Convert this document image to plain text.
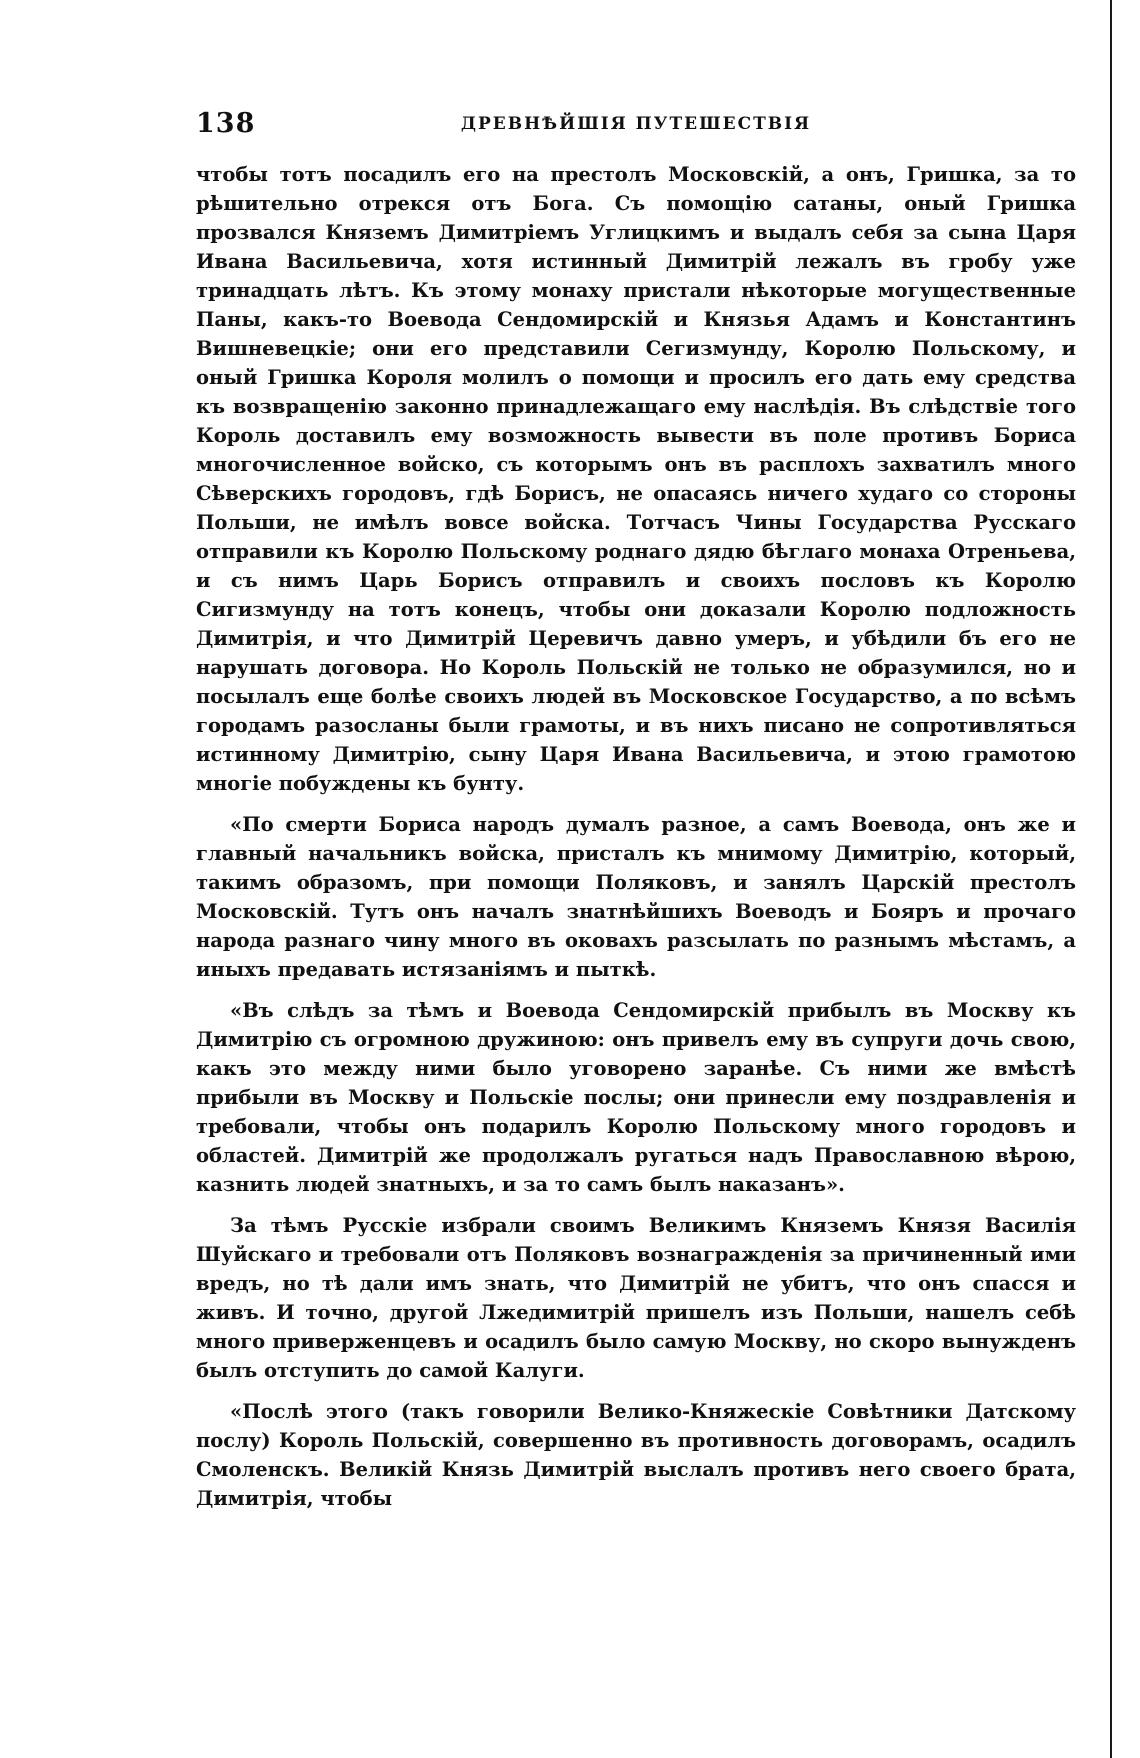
138	ДРЕВНѢЙШІЯ ПУТЕШЕСТВІЯ

чтобы тотъ посадилъ его на престолъ Московскій, а онъ, Гришка, за то рѣшительно отрекся отъ Бога. Съ помощію сатаны, оный Гришка прозвался Княземъ Димитріемъ Углицкимъ и выдалъ себя за сына Царя Ивана Васильевича, хотя истинный Димитрій лежалъ въ гробу уже тринадцать лѣтъ. Къ этому монаху пристали нѣкоторые могущественные Паны, какъ-то Воевода Сендомирскій и Князья Адамъ и Константинъ Вишневецкіе; они его представили Сегизмунду, Королю Польскому, и оный Гришка Короля молилъ о помощи и просилъ его дать ему средства къ возвращенію законно принадлежащаго ему наслѣдія. Въ слѣдствіе того Король доставилъ ему возможность вывести въ поле противъ Бориса многочисленное войско, съ которымъ онъ въ расплохъ захватилъ много Сѣверскихъ городовъ, гдѣ Борисъ, не опасаясь ничего худаго со стороны Польши, не имѣлъ вовсе войска. Тотчасъ Чины Государства Русскаго отправили къ Королю Польскому роднаго дядю бѣглаго монаха Отреньева, и съ нимъ Царь Борисъ отправилъ и своихъ пословъ къ Королю Сигизмунду на тотъ конецъ, чтобы они доказали Королю подложность Димитрія, и что Димитрій Церевичъ давно умеръ, и убѣдили бъ его не нарушать договора. Но Король Польскій не только не образумился, но и посылалъ еще болѣе своихъ людей въ Московское Государство, а по всѣмъ городамъ разосланы были грамоты, и въ нихъ писано не сопротивляться истинному Димитрію, сыну Царя Ивана Васильевича, и этою грамотою многіе побуждены къ бунту.

«По смерти Бориса народъ думалъ разное, а самъ Воевода, онъ же и главный начальникъ войска, присталъ къ мнимому Димитрію, который, такимъ образомъ, при помощи Поляковъ, и занялъ Царскій престолъ Московскій. Тутъ онъ началъ знатнѣйшихъ Воеводъ и Бояръ и прочаго народа разнаго чину много въ оковахъ разсылать по разнымъ мѣстамъ, а иныхъ предавать истязаніямъ и пыткѣ.

«Въ слѣдъ за тѣмъ и Воевода Сендомирскій прибылъ въ Москву къ Димитрію съ огромною дружиною: онъ привелъ ему въ супруги дочь свою, какъ это между ними было уговорено заранѣе. Съ ними же вмѣстѣ прибыли въ Москву и Польскіе послы; они принесли ему поздравленія и требовали, чтобы онъ подарилъ Королю Польскому много городовъ и областей. Димитрій же продолжалъ ругаться надъ Православною вѣрою, казнить людей знатныхъ, и за то самъ былъ наказанъ».

За тѣмъ Русскіе избрали своимъ Великимъ Княземъ Князя Василія Шуйскаго и требовали отъ Поляковъ вознагражденія за причиненный ими вредъ, но тѣ дали имъ знать, что Димитрій не убитъ, что онъ спасся и живъ. И точно, другой Лжедимитрій пришелъ изъ Польши, нашелъ себѣ много приверженцевъ и осадилъ было самую Москву, но скоро вынужденъ былъ отступить до самой Калуги.

«Послѣ этого (такъ говорили Велико-Княжескіе Совѣтники Датскому послу) Король Польскій, совершенно въ противность договорамъ, осадилъ Смоленскъ. Великій Князь Димитрій выслалъ противъ него своего брата, Димитрія, чтобы
